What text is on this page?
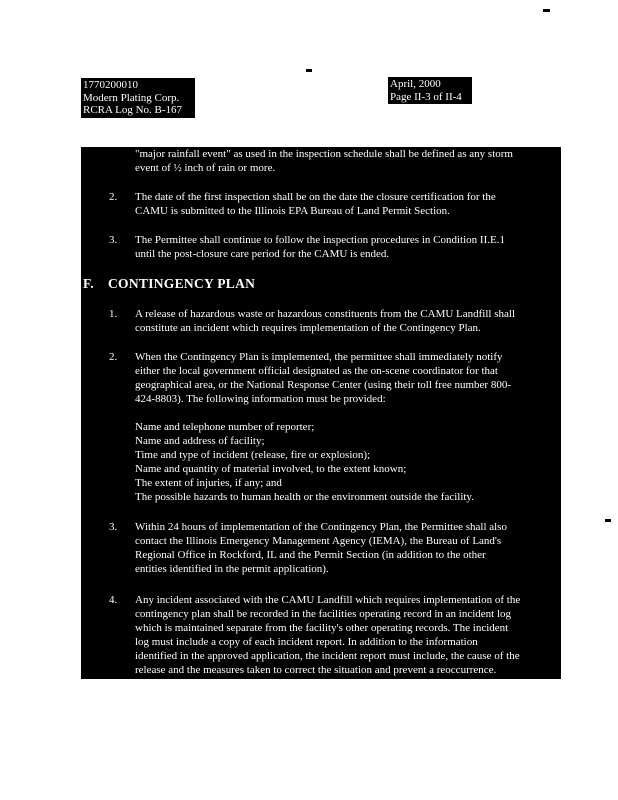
1770200010
Modern Plating Corp.
RCRA Log No. B-167
April, 2000
Page II-3 of II-4
"major rainfall event" as used in the inspection schedule shall be defined as any storm
event of ½ inch of rain or more.
2. The date of the first inspection shall be on the date the closure certification for the
CAMU is submitted to the Illinois EPA Bureau of Land Permit Section.
3. The Permittee shall continue to follow the inspection procedures in Condition II.E.1
until the post-closure care period for the CAMU is ended.
F. CONTINGENCY PLAN
1. A release of hazardous waste or hazardous constituents from the CAMU Landfill shall
constitute an incident which requires implementation of the Contingency Plan.
2. When the Contingency Plan is implemented, the permittee shall immediately notify
either the local government official designated as the on-scene coordinator for that
geographical area, or the National Response Center (using their toll free number 800-
424-8803). The following information must be provided:
Name and telephone number of reporter;
Name and address of facility;
Time and type of incident (release, fire or explosion);
Name and quantity of material involved, to the extent known;
The extent of injuries, if any; and
The possible hazards to human health or the environment outside the facility.
3. Within 24 hours of implementation of the Contingency Plan, the Permittee shall also
contact the Illinois Emergency Management Agency (IEMA), the Bureau of Land's
Regional Office in Rockford, IL and the Permit Section (in addition to the other
entities identified in the permit application).
4. Any incident associated with the CAMU Landfill which requires implementation of the
contingency plan shall be recorded in the facilities operating record in an incident log
which is maintained separate from the facility's other operating records. The incident
log must include a copy of each incident report. In addition to the information
identified in the approved application, the incident report must include, the cause of the
release and the measures taken to correct the situation and prevent a reoccurrence.
